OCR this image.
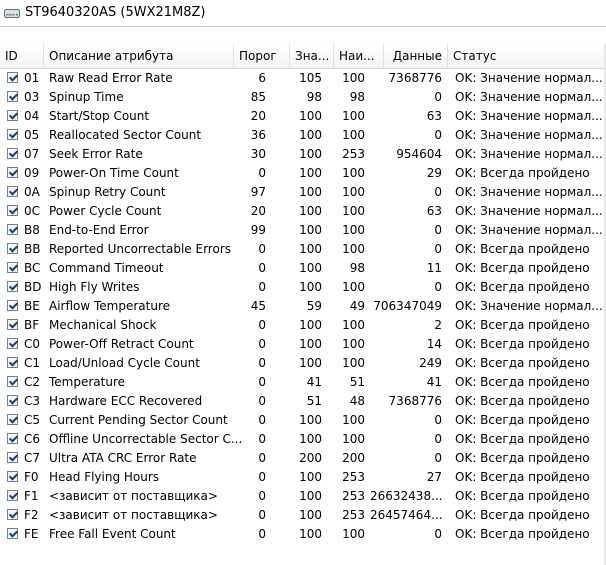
ST9640320AS (5WX21M8Z)
ID	Описание атрибута	Порог	Зна... Наи...	Данные Статус
01 Raw Read Error Rate	6	105	100	7368776 OK: Значение нормал...
03 Spinup Time	85	98	98	0 OK: Значение нормал...
04 Start/Stop Count	20	100	100	63 OK: Значение нормал...
05 Reallocated Sector Count	36	100	100	0 OK: Значение нормал...
07 Seek Error Rate	30	100	253	954604 OK: Значение нормал...
09 Power-On Time Count	0	100	100	29 OK: Всегда пройдено
0A Spinup Retry Count	97	100	100	0 OK: Значение нормал...
0C Power Cycle Count	20	100	100	63 OK: Значение нормал...
B8 End-to-End Error	99	100	100	0 OK: Значение нормал...
BB Reported Uncorrectable Errors	0	100	100	0 OK: Всегда пройдено
BC Command Timeout	0	100	98	11 OK: Всегда пройдено
BD High Fly Writes	0	100	100	0 OK: Всегда пройдено
BE Airflow Temperature	45	59	49 706347049 OK: Значение нормал...
BF Mechanical Shock	0	100	100	2 OK: Всегда пройдено
C0 Power-Off Retract Count	0	100	100	14 OK: Всегда пройдено
C1 Load/Unload Cycle Count	0	100	100	249 OK: Всегда пройдено
C2 Temperature	0	41	51	41 OK: Всегда пройдено
C3 Hardware ECC Recovered	0	51	48	7368776 OK: Всегда пройдено
C5 Current Pending Sector Count	0	100	100	0 OK: Всегда пройдено
C6 Offline Uncorrectable Sector C...	0	100	100	0 OK: Всегда пройдено
C7 Ultra ATA CRC Error Rate	0	200	200	0 OK: Всегда пройдено
F0 Head Flying Hours	0	100	253	27 OK: Всегда пройдено
F1 <зависит от поставщика>	0	100	253 26632438... OK: Всегда пройдено
F2 <зависит от поставщика>	0	100	253 26457464... OK: Всегда пройдено
FE Free Fall Event Count	0	100	100	0 OK: Всегда пройдено
